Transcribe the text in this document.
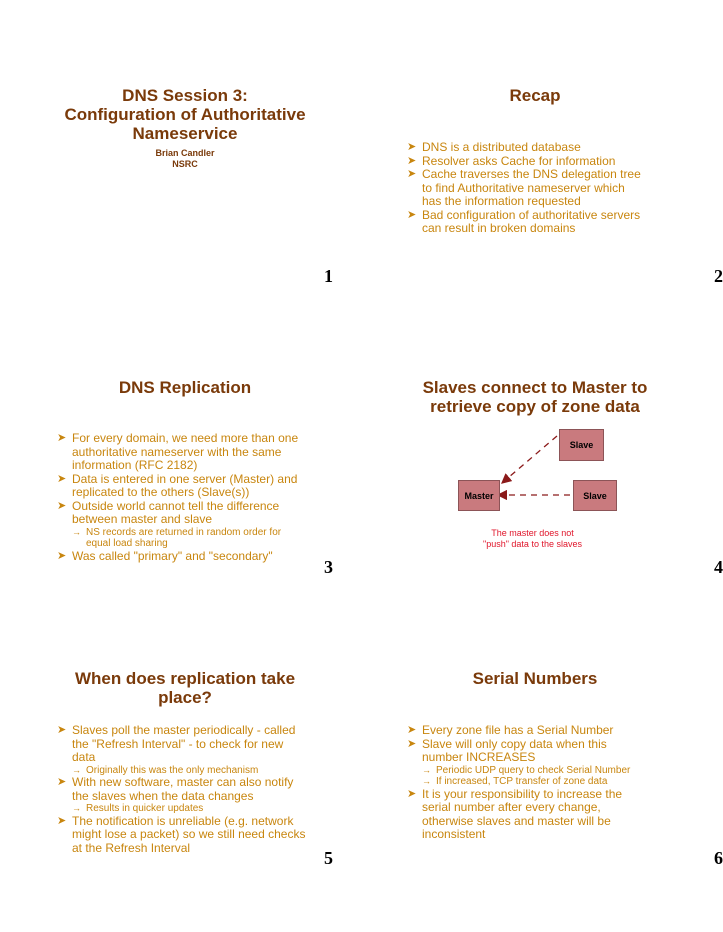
DNS Session 3:
Configuration of Authoritative
Nameservice
Brian Candler
NSRC
1
Recap
➤ DNS is a distributed database
➤ Resolver asks Cache for information
➤ Cache traverses the DNS delegation tree to find Authoritative nameserver which has the information requested
➤ Bad configuration of authoritative servers can result in broken domains
2
DNS Replication
➤ For every domain, we need more than one authoritative nameserver with the same information (RFC 2182)
➤ Data is entered in one server (Master) and replicated to the others (Slave(s))
➤ Outside world cannot tell the difference between master and slave
→ NS records are returned in random order for equal load sharing
➤ Was called "primary" and "secondary"
3
Slaves connect to Master to
retrieve copy of zone data
Slave
Master	Slave
The master does not
"push" data to the slaves
4
When does replication take
place?
➤ Slaves poll the master periodically - called the "Refresh Interval" - to check for new data
→ Originally this was the only mechanism
➤ With new software, master can also notify the slaves when the data changes
→ Results in quicker updates
➤ The notification is unreliable (e.g. network might lose a packet) so we still need checks at the Refresh Interval
5
Serial Numbers
➤ Every zone file has a Serial Number
➤ Slave will only copy data when this number INCREASES
→ Periodic UDP query to check Serial Number
→ If increased, TCP transfer of zone data
➤ It is your responsibility to increase the serial number after every change, otherwise slaves and master will be inconsistent
6
